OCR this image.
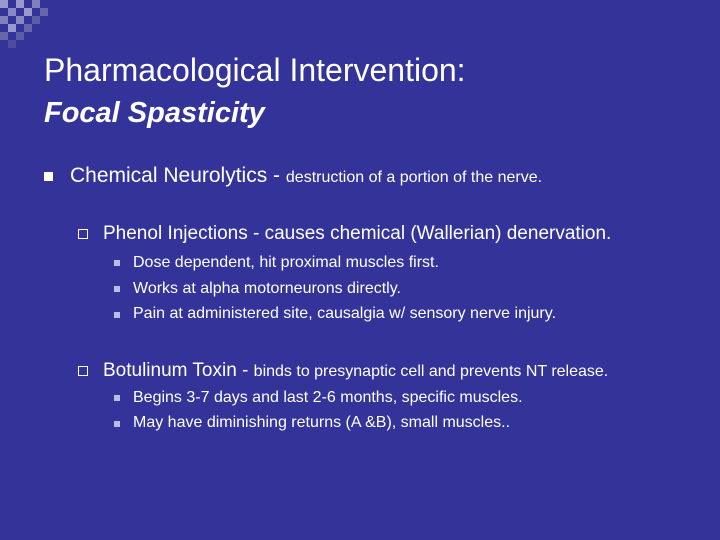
Pharmacological Intervention:
Focal Spasticity
Chemical Neurolytics - destruction of a portion of the nerve.
Phenol Injections - causes chemical (Wallerian) denervation.
Dose dependent, hit proximal muscles first.
Works at alpha motorneurons directly.
Pain at administered site, causalgia w/ sensory nerve injury.
Botulinum Toxin - binds to presynaptic cell and prevents NT release.
Begins 3-7 days and last 2-6 months, specific muscles.
May have diminishing returns (A &B), small muscles..
